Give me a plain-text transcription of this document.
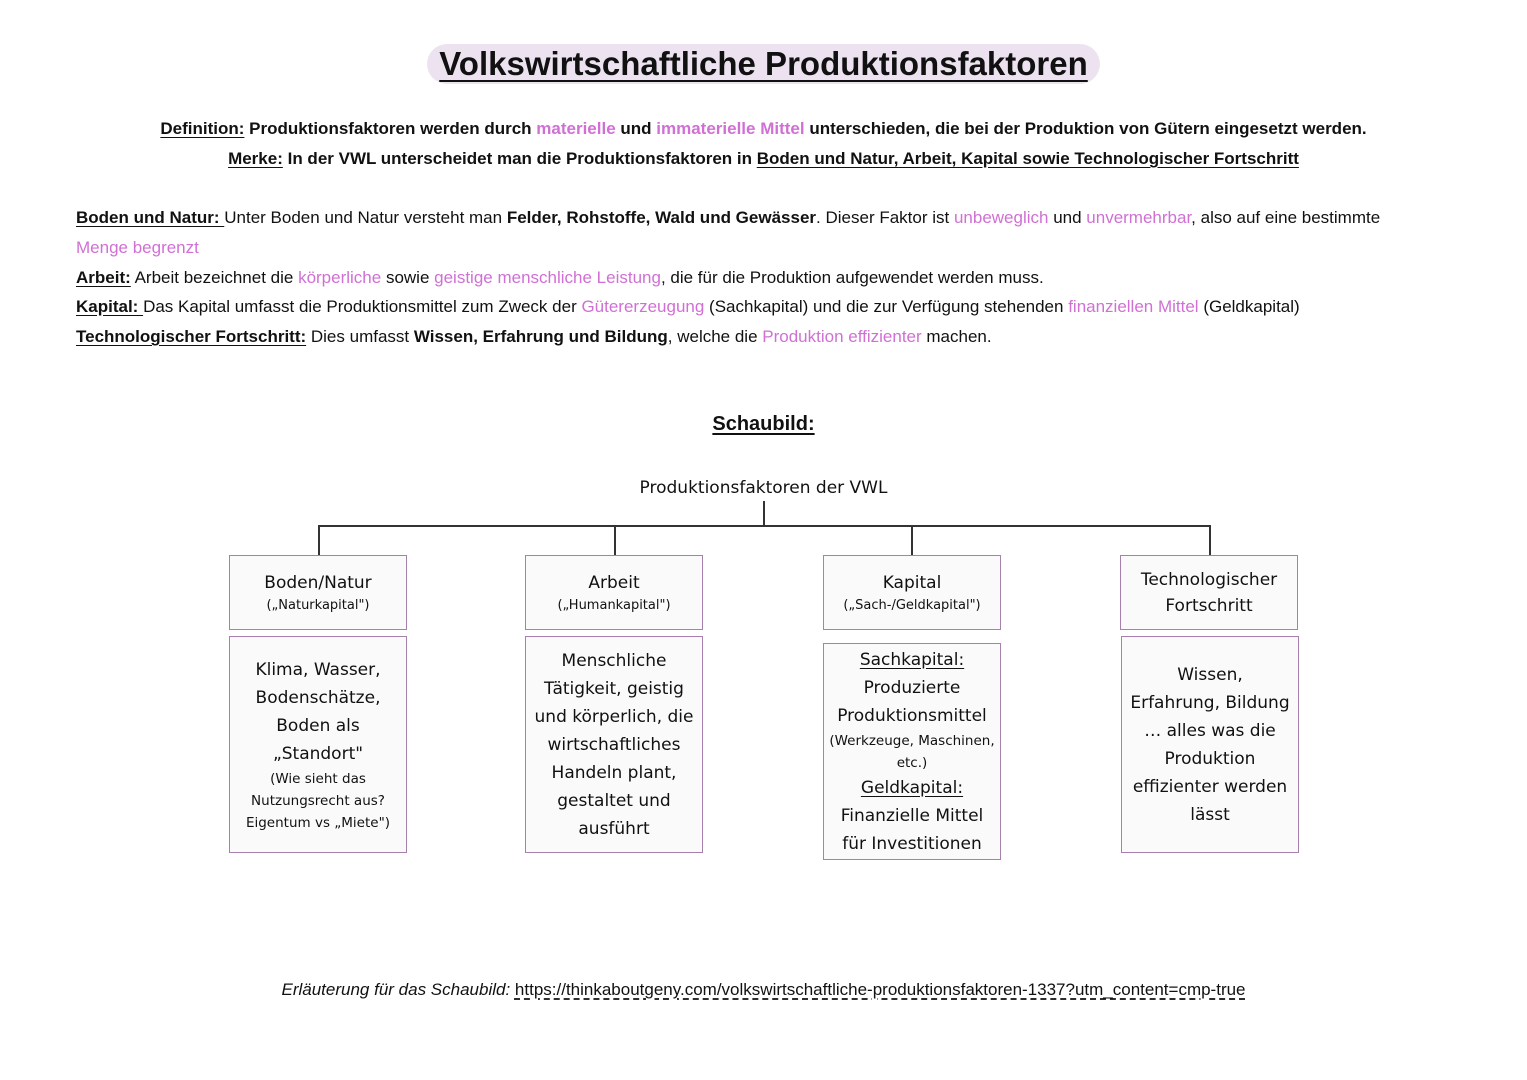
Volkswirtschaftliche Produktionsfaktoren
Definition: Produktionsfaktoren werden durch materielle und immaterielle Mittel unterschieden, die bei der Produktion von Gütern eingesetzt werden.
Merke: In der VWL unterscheidet man die Produktionsfaktoren in Boden und Natur, Arbeit, Kapital sowie Technologischer Fortschritt
Boden und Natur: Unter Boden und Natur versteht man Felder, Rohstoffe, Wald und Gewässer. Dieser Faktor ist unbeweglich und unvermehrbar, also auf eine bestimmte
Menge begrenzt
Arbeit: Arbeit bezeichnet die körperliche sowie geistige menschliche Leistung, die für die Produktion aufgewendet werden muss.
Kapital: Das Kapital umfasst die Produktionsmittel zum Zweck der Gütererzeugung (Sachkapital) und die zur Verfügung stehenden finanziellen Mittel (Geldkapital)
Technologischer Fortschritt: Dies umfasst Wissen, Erfahrung und Bildung, welche die Produktion effizienter machen.
Schaubild:
Produktionsfaktoren der VWL
Boden/Natur
(„Naturkapital")
Klima, Wasser,
Bodenschätze,
Boden als
„Standort"
(Wie sieht das
Nutzungsrecht aus?
Eigentum vs „Miete")
Arbeit
(„Humankapital")
Menschliche
Tätigkeit, geistig
und körperlich, die
wirtschaftliches
Handeln plant,
gestaltet und
ausführt
Kapital
(„Sach-/Geldkapital")
Sachkapital:
Produzierte
Produktionsmittel
(Werkzeuge, Maschinen,
etc.)
Geldkapital:
Finanzielle Mittel
für Investitionen
Technologischer
Fortschritt
Wissen,
Erfahrung, Bildung
… alles was die
Produktion
effizienter werden
lässt
Erläuterung für das Schaubild: https://thinkaboutgeny.com/volkswirtschaftliche-produktionsfaktoren-1337?utm_content=cmp-true
